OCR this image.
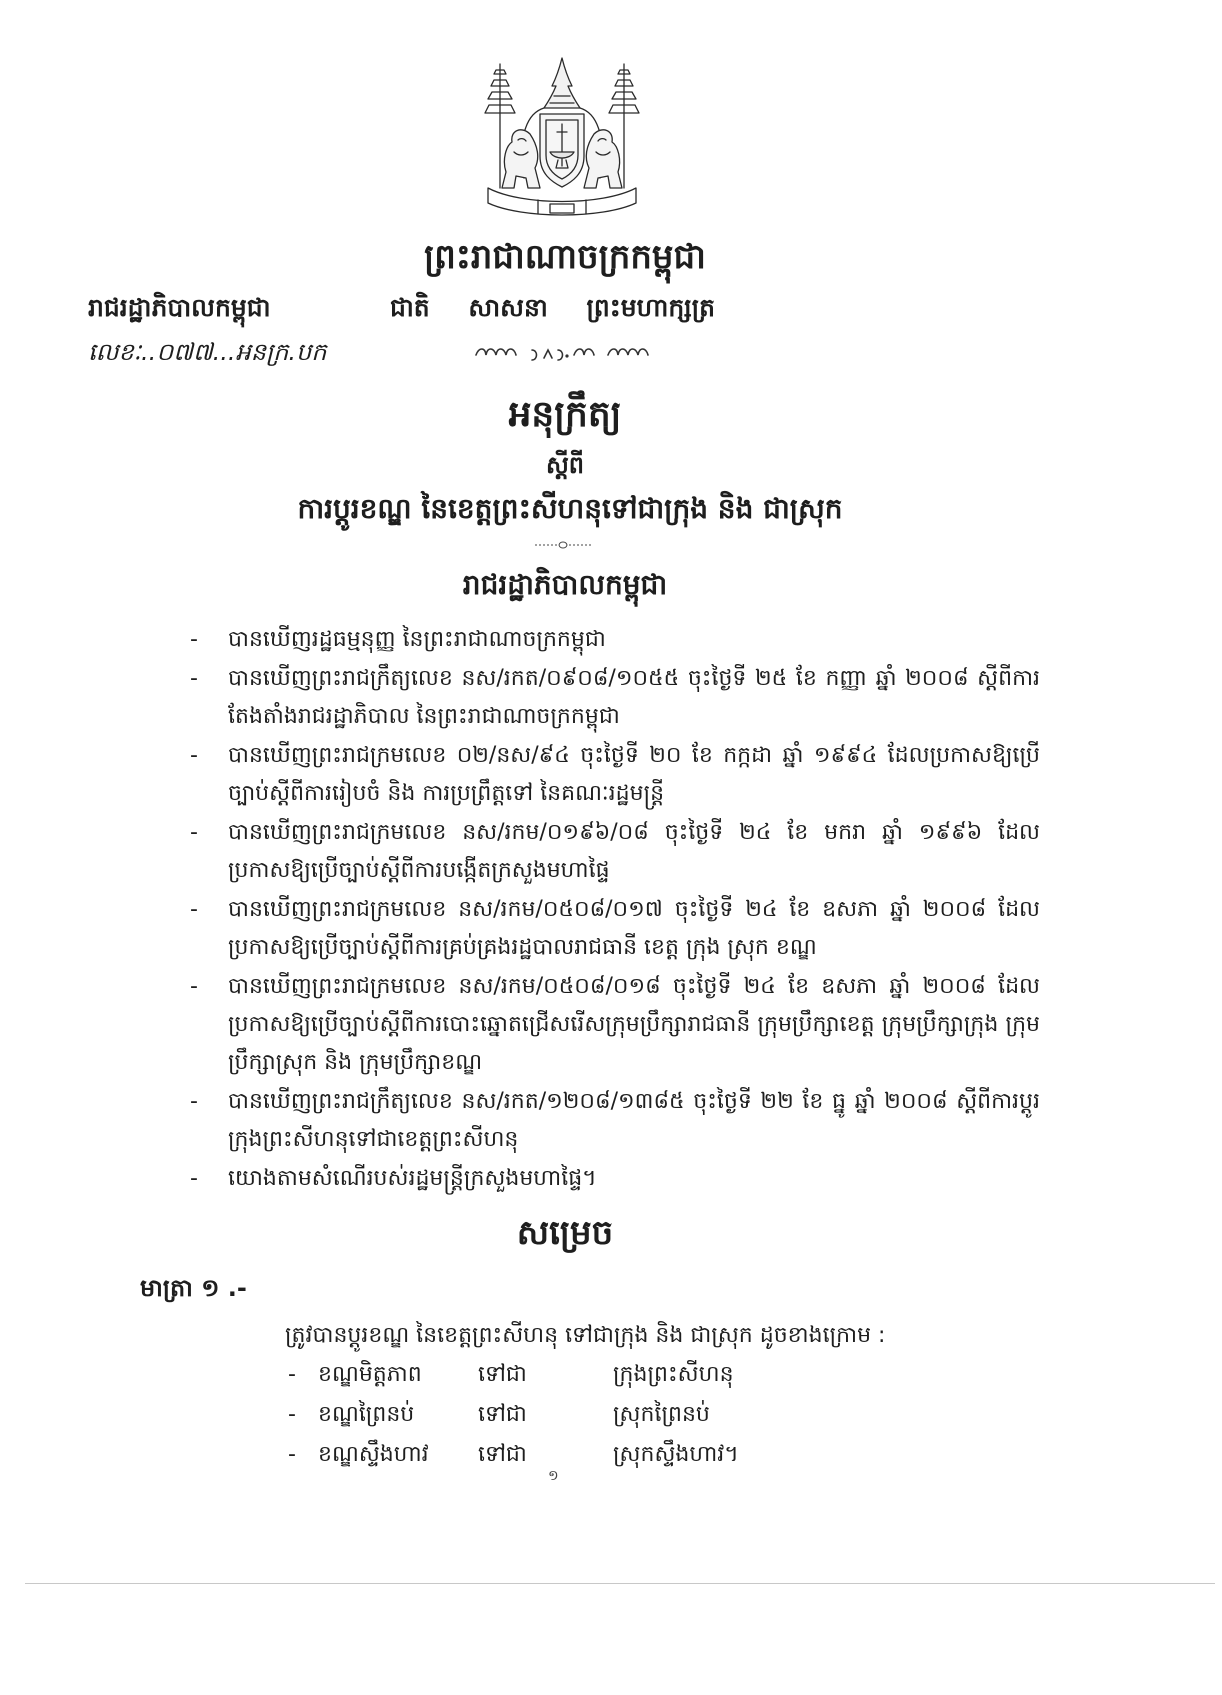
ព្រះរាជាណាចក្រកម្ពុជា
រាជរដ្ឋាភិបាលកម្ពុជា	ជាតិ សាសនា ព្រះមហាក្សត្រ
លេខៈ..០៧៧...អនក្រ.បក
អនុក្រឹត្យ
ស្តីពី
ការប្តូរខណ្ឌ នៃខេត្តព្រះសីហនុទៅជាក្រុង និង ជាស្រុក
រាជរដ្ឋាភិបាលកម្ពុជា
- បានឃើញរដ្ឋធម្មនុញ្ញ នៃព្រះរាជាណាចក្រកម្ពុជា
- បានឃើញព្រះរាជក្រឹត្យលេខ នស/រកត/០៩០៨/១០៥៥ ចុះថ្ងៃទី ២៥ ខែ កញ្ញា ឆ្នាំ ២០០៨ ស្តីពីការតែងតាំងរាជរដ្ឋាភិបាល នៃព្រះរាជាណាចក្រកម្ពុជា
- បានឃើញព្រះរាជក្រមលេខ ០២/នស/៩៤ ចុះថ្ងៃទី ២០ ខែ កក្កដា ឆ្នាំ ១៩៩៤ ដែលប្រកាសឱ្យប្រើច្បាប់ស្តីពីការរៀបចំ និង ការប្រព្រឹត្តទៅ នៃគណៈរដ្ឋមន្ត្រី
- បានឃើញព្រះរាជក្រមលេខ នស/រកម/០១៩៦/០៨ ចុះថ្ងៃទី ២៤ ខែ មករា ឆ្នាំ ១៩៩៦ ដែលប្រកាសឱ្យប្រើច្បាប់ស្តីពីការបង្កើតក្រសួងមហាផ្ទៃ
- បានឃើញព្រះរាជក្រមលេខ នស/រកម/០៥០៨/០១៧ ចុះថ្ងៃទី ២៤ ខែ ឧសភា ឆ្នាំ ២០០៨ ដែលប្រកាសឱ្យប្រើច្បាប់ស្តីពីការគ្រប់គ្រងរដ្ឋបាលរាជធានី ខេត្ត ក្រុង ស្រុក ខណ្ឌ
- បានឃើញព្រះរាជក្រមលេខ នស/រកម/០៥០៨/០១៨ ចុះថ្ងៃទី ២៤ ខែ ឧសភា ឆ្នាំ ២០០៨ ដែលប្រកាសឱ្យប្រើច្បាប់ស្តីពីការបោះឆ្នោតជ្រើសរើសក្រុមប្រឹក្សារាជធានី ក្រុមប្រឹក្សាខេត្ត ក្រុមប្រឹក្សាក្រុង ក្រុមប្រឹក្សាស្រុក និង ក្រុមប្រឹក្សាខណ្ឌ
- បានឃើញព្រះរាជក្រឹត្យលេខ នស/រកត/១២០៨/១៣៨៥ ចុះថ្ងៃទី ២២ ខែ ធ្នូ ឆ្នាំ ២០០៨ ស្តីពីការប្តូរក្រុងព្រះសីហនុទៅជាខេត្តព្រះសីហនុ
- យោងតាមសំណើរបស់រដ្ឋមន្ត្រីក្រសួងមហាផ្ទៃ។
សម្រេច
មាត្រា ១ .-
ត្រូវបានប្តូរខណ្ឌ នៃខេត្តព្រះសីហនុ ទៅជាក្រុង និង ជាស្រុក ដូចខាងក្រោម :
-	ខណ្ឌមិត្តភាព	ទៅជា	ក្រុងព្រះសីហនុ
-	ខណ្ឌព្រៃនប់	ទៅជា	ស្រុកព្រៃនប់
-	ខណ្ឌស្ទឹងហាវ	ទៅជា	ស្រុកស្ទឹងហាវ។
១
